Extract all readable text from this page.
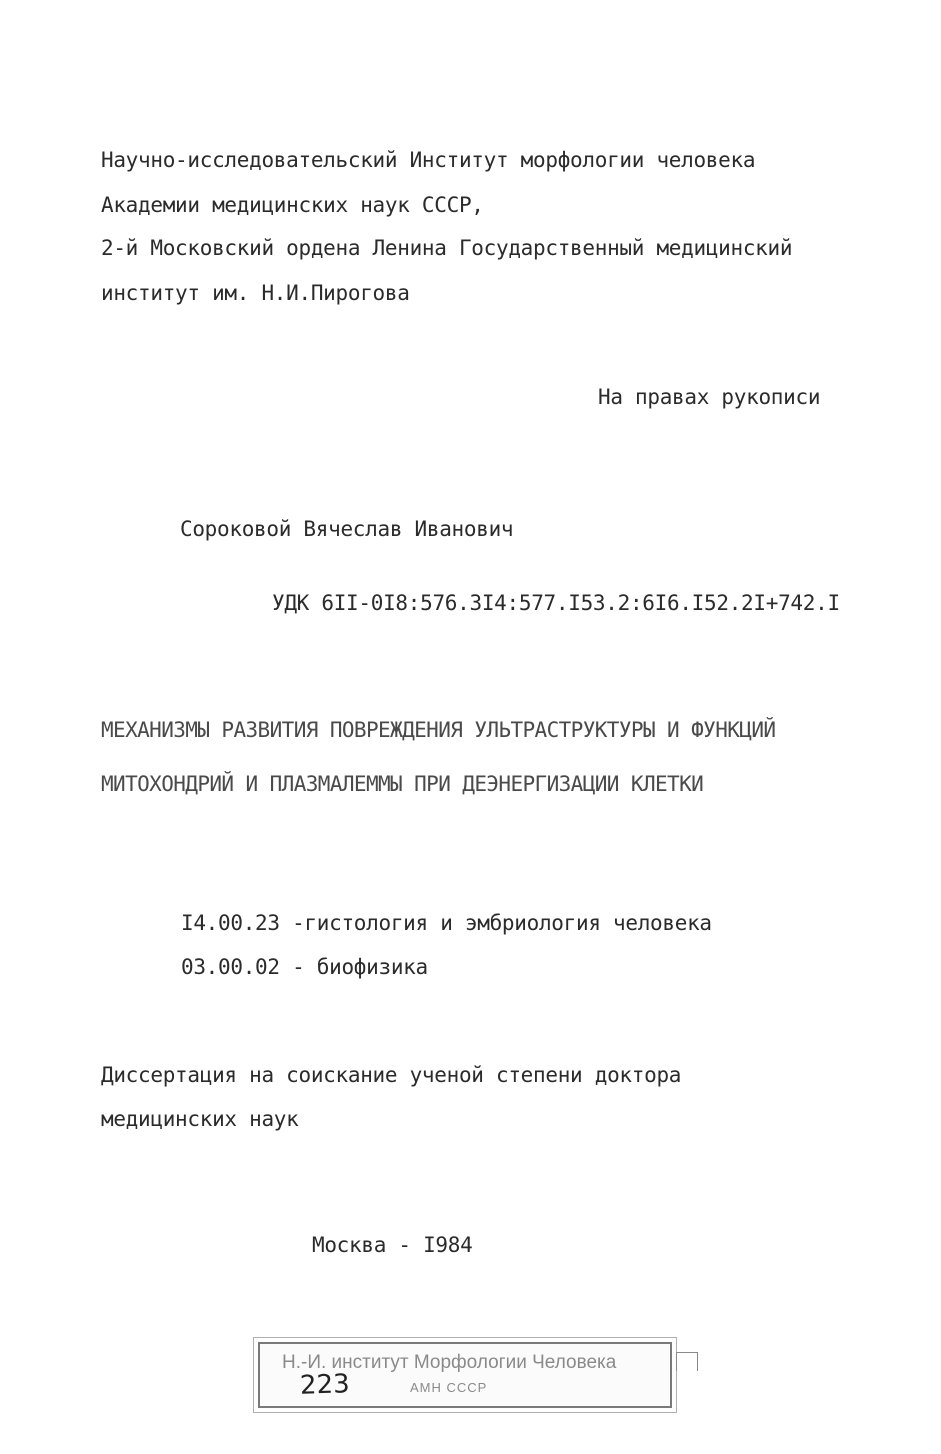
Научно-исследовательский Институт морфологии человека
Академии медицинских наук СССР,
2-й Московский ордена Ленина Государственный медицинский
институт им. Н.И.Пирогова
На правах рукописи
Сороковой Вячеслав Иванович
УДК 6II-0I8:576.3I4:577.I53.2:6I6.I52.2I+742.I
МЕХАНИЗМЫ РАЗВИТИЯ ПОВРЕЖДЕНИЯ УЛЬТРАСТРУКТУРЫ И ФУНКЦИЙ
МИТОХОНДРИЙ И ПЛАЗМАЛЕММЫ ПРИ ДЕЭНЕРГИЗАЦИИ КЛЕТКИ
I4.00.23 -гистология и эмбриология человека
03.00.02 - биофизика
Диссертация на соискание ученой степени доктора
медицинских наук
Москва - I984
Н.-И. институт Морфологии Человека
АМН СССР
223
